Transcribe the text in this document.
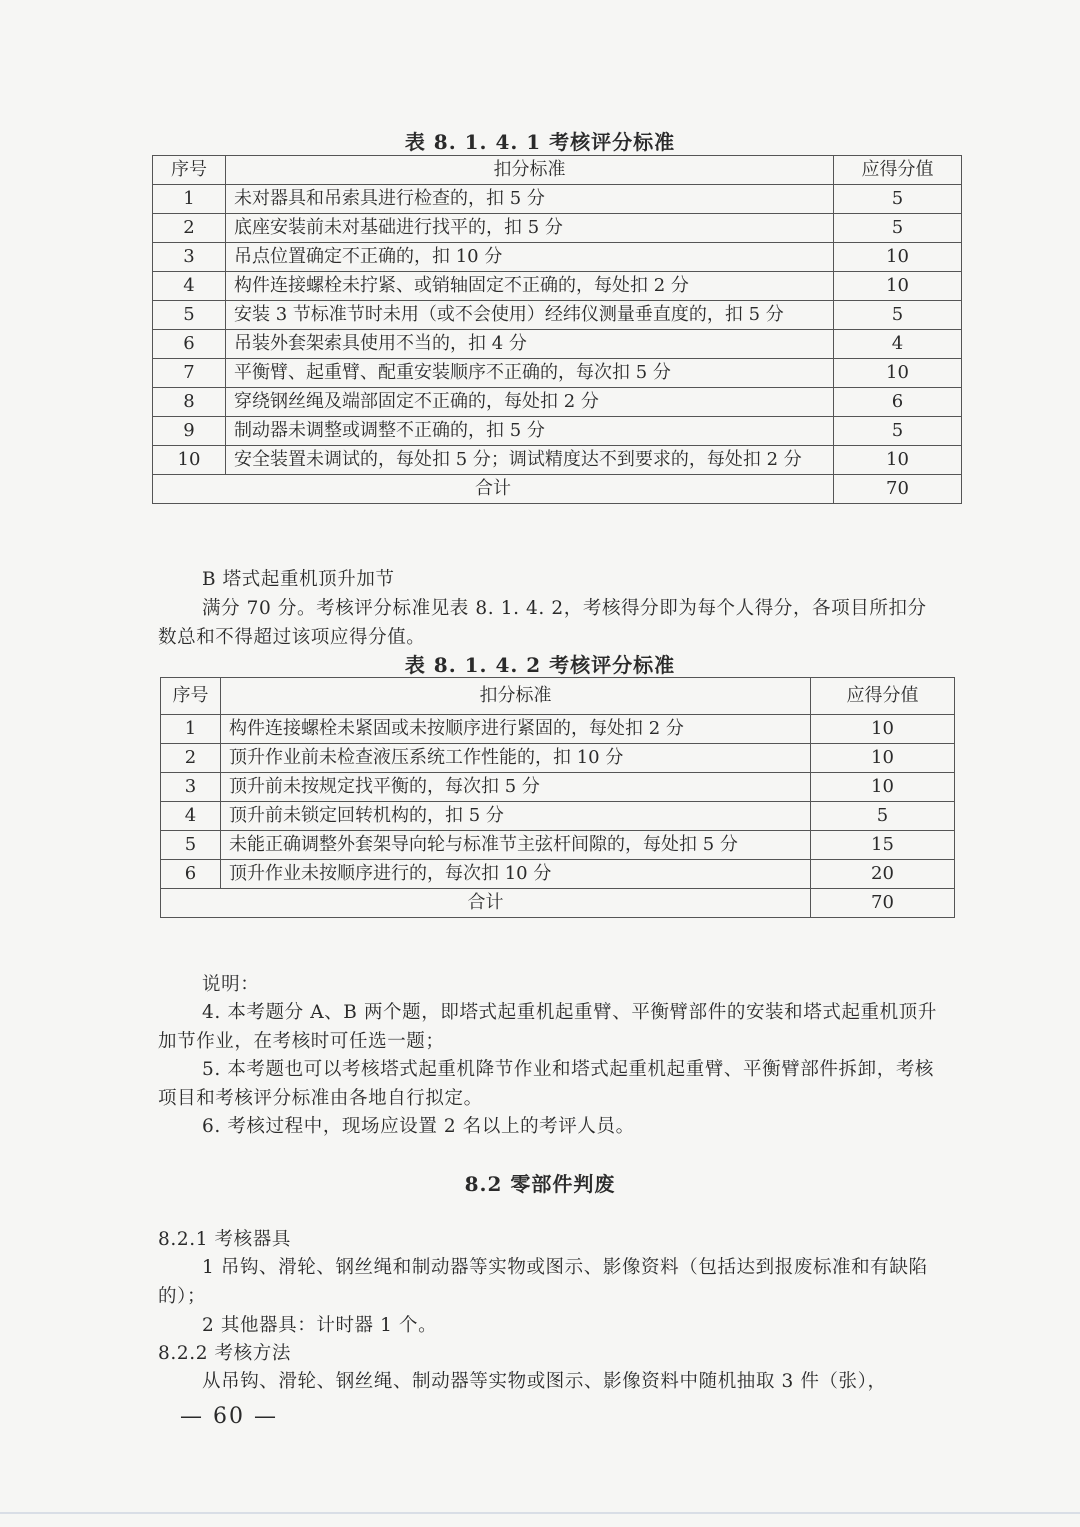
表 8. 1. 4. 1 考核评分标准
序号	扣分标准	应得分值
1	未对器具和吊索具进行检查的，扣 5 分	5
2	底座安装前未对基础进行找平的，扣 5 分	5
3	吊点位置确定不正确的，扣 10 分	10
4	构件连接螺栓未拧紧、或销轴固定不正确的，每处扣 2 分	10
5	安装 3 节标准节时未用（或不会使用）经纬仪测量垂直度的，扣 5 分	5
6	吊装外套架索具使用不当的，扣 4 分	4
7	平衡臂、起重臂、配重安装顺序不正确的，每次扣 5 分	10
8	穿绕钢丝绳及端部固定不正确的，每处扣 2 分	6
9	制动器未调整或调整不正确的，扣 5 分	5
10	安全装置未调试的，每处扣 5 分；调试精度达不到要求的，每处扣 2 分	10
合计		70
B 塔式起重机顶升加节
满分 70 分。考核评分标准见表 8. 1. 4. 2，考核得分即为每个人得分，各项目所扣分数总和不得超过该项应得分值。
表 8. 1. 4. 2 考核评分标准
序号	扣分标准	应得分值
1	构件连接螺栓未紧固或未按顺序进行紧固的，每处扣 2 分	10
2	顶升作业前未检查液压系统工作性能的，扣 10 分	10
3	顶升前未按规定找平衡的，每次扣 5 分	10
4	顶升前未锁定回转机构的，扣 5 分	5
5	未能正确调整外套架导向轮与标准节主弦杆间隙的，每处扣 5 分	15
6	顶升作业未按顺序进行的，每次扣 10 分	20
合计		70
说明：
4. 本考题分 A、B 两个题，即塔式起重机起重臂、平衡臂部件的安装和塔式起重机顶升加节作业，在考核时可任选一题；
5. 本考题也可以考核塔式起重机降节作业和塔式起重机起重臂、平衡臂部件拆卸，考核项目和考核评分标准由各地自行拟定。
6. 考核过程中，现场应设置 2 名以上的考评人员。
8.2 零部件判废
8.2.1 考核器具
1 吊钩、滑轮、钢丝绳和制动器等实物或图示、影像资料（包括达到报废标准和有缺陷的）；
2 其他器具：计时器 1 个。
8.2.2 考核方法
从吊钩、滑轮、钢丝绳、制动器等实物或图示、影像资料中随机抽取 3 件（张），
— 60 —
